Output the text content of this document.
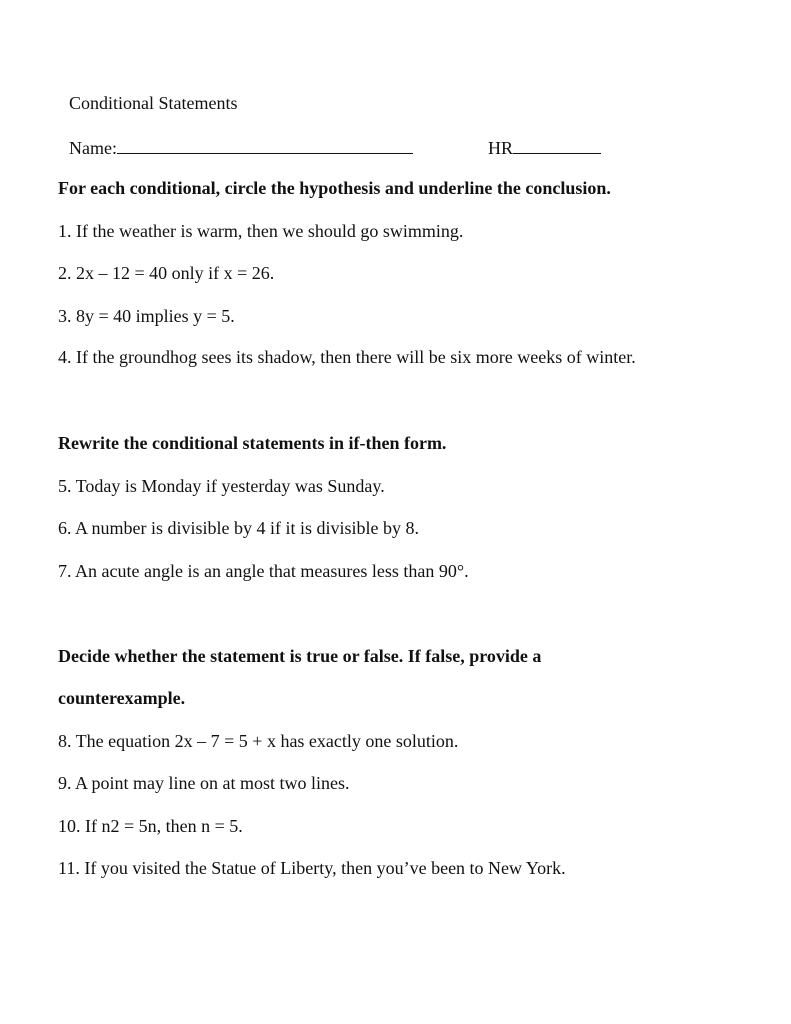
Conditional Statements
Name:	HR
For each conditional, circle the hypothesis and underline the conclusion.
1. If the weather is warm, then we should go swimming.
2. 2x – 12 = 40 only if x = 26.
3. 8y = 40 implies y = 5.
4. If the groundhog sees its shadow, then there will be six more weeks of winter.
Rewrite the conditional statements in if-then form.
5. Today is Monday if yesterday was Sunday.
6. A number is divisible by 4 if it is divisible by 8.
7. An acute angle is an angle that measures less than 90°.
Decide whether the statement is true or false. If false, provide a
counterexample.
8. The equation 2x – 7 = 5 + x has exactly one solution.
9. A point may line on at most two lines.
10. If n2 = 5n, then n = 5.
11. If you visited the Statue of Liberty, then you’ve been to New York.
